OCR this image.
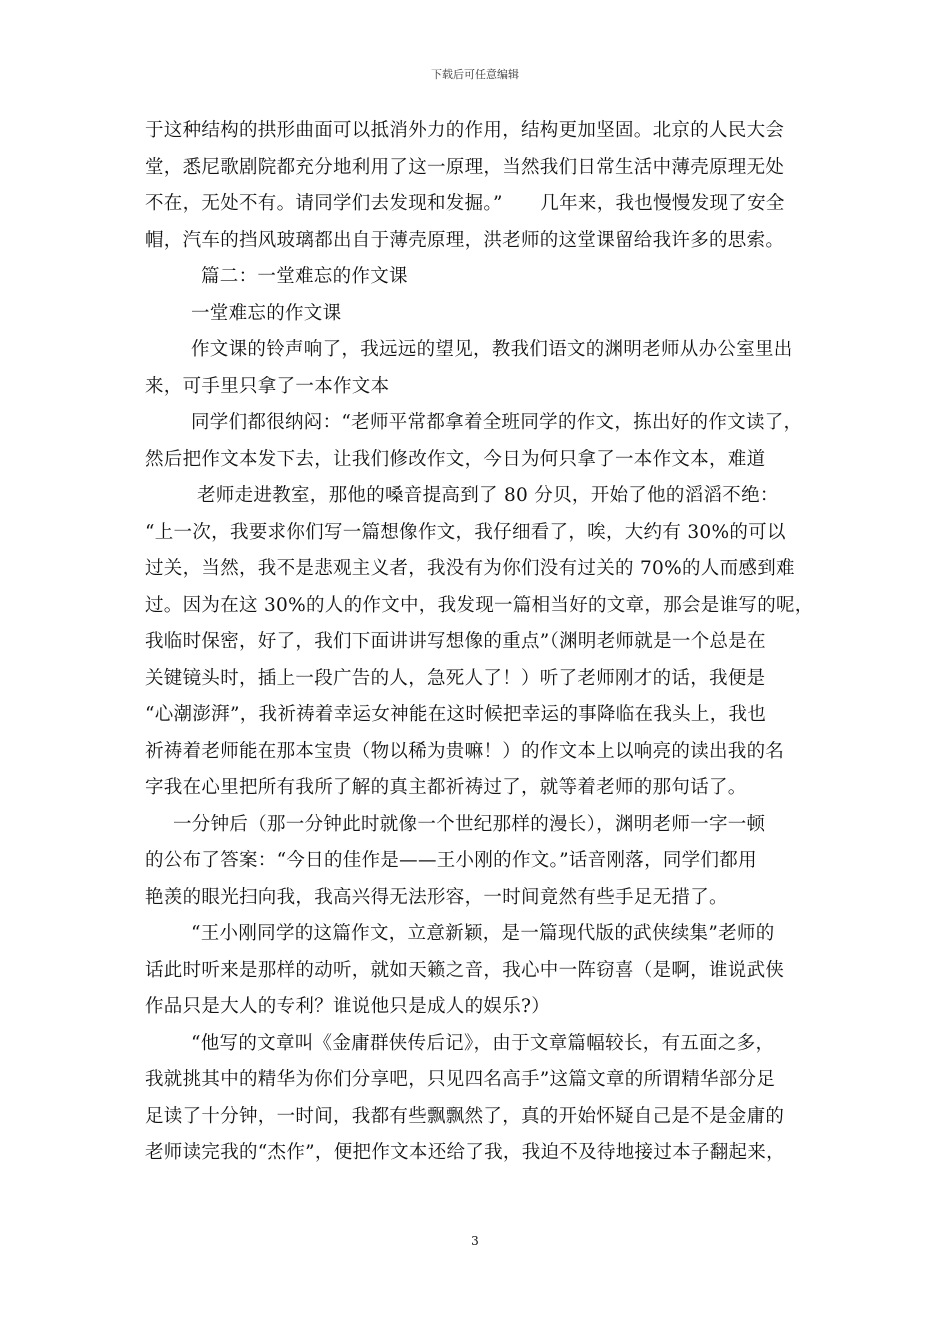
下载后可任意编辑
于这种结构的拱形曲面可以抵消外力的作用，结构更加坚固。北京的人民大会
堂，悉尼歌剧院都充分地利用了这一原理，当然我们日常生活中薄壳原理无处
不在，无处不有。请同学们去发现和发掘。”　　几年来，我也慢慢发现了安全
帽，汽车的挡风玻璃都出自于薄壳原理，洪老师的这堂课留给我许多的思索。
篇二：一堂难忘的作文课
一堂难忘的作文课
作文课的铃声响了，我远远的望见，教我们语文的渊明老师从办公室里出
来，可手里只拿了一本作文本
同学们都很纳闷：“老师平常都拿着全班同学的作文，拣出好的作文读了，
然后把作文本发下去，让我们修改作文，今日为何只拿了一本作文本，难道
老师走进教室，那他的嗓音提高到了 80 分贝，开始了他的滔滔不绝：
“上一次，我要求你们写一篇想像作文，我仔细看了，唉，大约有 30%的可以
过关，当然，我不是悲观主义者，我没有为你们没有过关的 70%的人而感到难
过。因为在这 30%的人的作文中，我发现一篇相当好的文章，那会是谁写的呢，
我临时保密，好了，我们下面讲讲写想像的重点”（渊明老师就是一个总是在
关键镜头时，插上一段广告的人，急死人了！）听了老师刚才的话，我便是
“心潮澎湃”，我祈祷着幸运女神能在这时候把幸运的事降临在我头上，我也
祈祷着老师能在那本宝贵（物以稀为贵嘛！）的作文本上以响亮的读出我的名
字我在心里把所有我所了解的真主都祈祷过了，就等着老师的那句话了。
一分钟后（那一分钟此时就像一个世纪那样的漫长），渊明老师一字一顿
的公布了答案：“今日的佳作是——王小刚的作文。”话音刚落，同学们都用
艳羡的眼光扫向我，我高兴得无法形容，一时间竟然有些手足无措了。
“王小刚同学的这篇作文，立意新颖，是一篇现代版的武侠续集”老师的
话此时听来是那样的动听，就如天籁之音，我心中一阵窃喜（是啊，谁说武侠
作品只是大人的专利？谁说他只是成人的娱乐?）
“他写的文章叫《金庸群侠传后记》，由于文章篇幅较长，有五面之多，
我就挑其中的精华为你们分享吧，只见四名高手”这篇文章的所谓精华部分足
足读了十分钟，一时间，我都有些飘飘然了，真的开始怀疑自己是不是金庸的
老师读完我的“杰作”，便把作文本还给了我，我迫不及待地接过本子翻起来，
3
